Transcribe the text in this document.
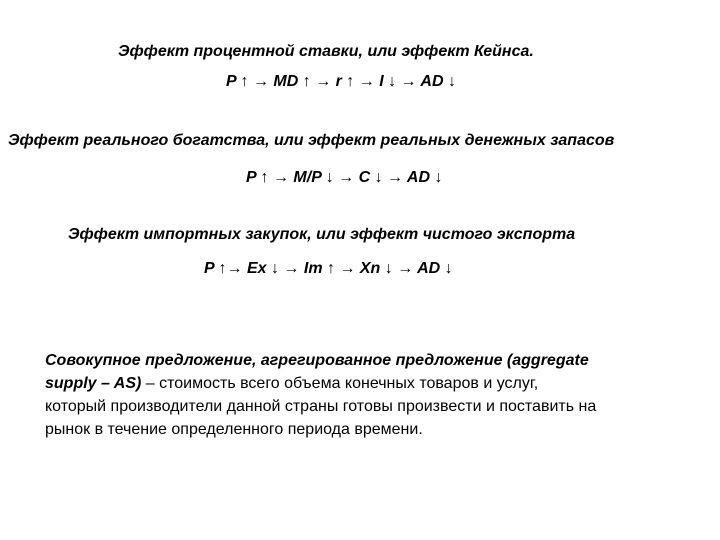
Эффект процентной ставки, или эффект Кейнса.
P ↑ → MD ↑ → r ↑ → I ↓ → AD ↓
Эффект реального богатства, или эффект реальных денежных запасов
P ↑ → M/P ↓ → C ↓ → AD ↓
Эффект импортных закупок, или эффект чистого экспорта
P ↑→ Ex ↓ → Im ↑ → Xn ↓ → AD ↓
Совокупное предложение, агрегированное предложение (aggregate
supply – AS) – стоимость всего объема конечных товаров и услуг,
который производители данной страны готовы произвести и поставить на
рынок в течение определенного периода времени.
